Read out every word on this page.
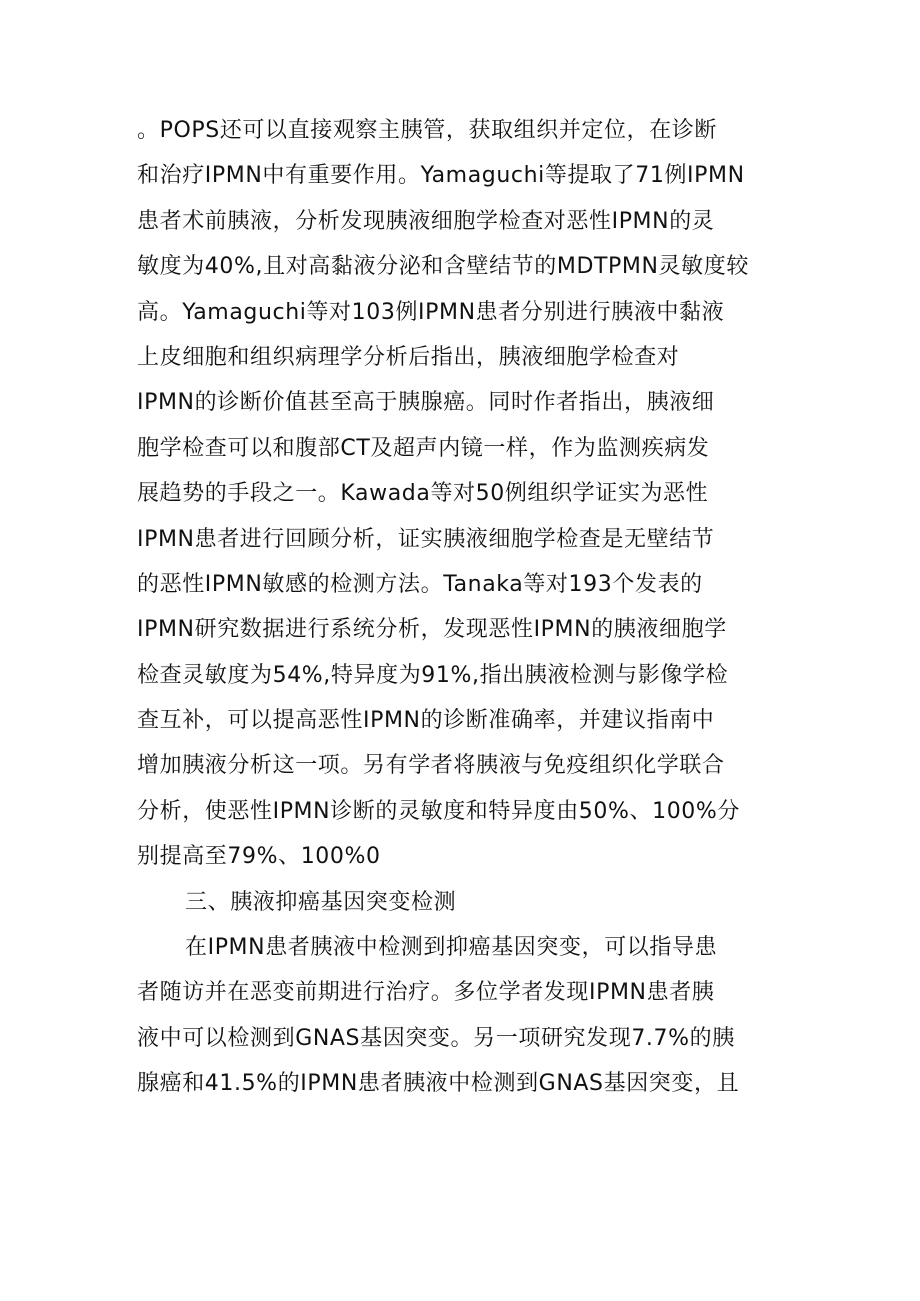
。POPS还可以直接观察主胰管，获取组织并定位，在诊断
和治疗IPMN中有重要作用。Yamaguchi等提取了71例IPMN
患者术前胰液，分析发现胰液细胞学检查对恶性IPMN的灵
敏度为40%,且对高黏液分泌和含壁结节的MDTPMN灵敏度较
高。Yamaguchi等对103例IPMN患者分别进行胰液中黏液
上皮细胞和组织病理学分析后指出，胰液细胞学检查对
IPMN的诊断价值甚至高于胰腺癌。同时作者指出，胰液细
胞学检查可以和腹部CT及超声内镜一样，作为监测疾病发
展趋势的手段之一。Kawada等对50例组织学证实为恶性
IPMN患者进行回顾分析，证实胰液细胞学检查是无壁结节
的恶性IPMN敏感的检测方法。Tanaka等对193个发表的
IPMN研究数据进行系统分析，发现恶性IPMN的胰液细胞学
检查灵敏度为54%,特异度为91%,指出胰液检测与影像学检
查互补，可以提高恶性IPMN的诊断准确率，并建议指南中
增加胰液分析这一项。另有学者将胰液与免疫组织化学联合
分析，使恶性IPMN诊断的灵敏度和特异度由50%、100%分
别提高至79%、100%0
三、胰液抑癌基因突变检测
在IPMN患者胰液中检测到抑癌基因突变，可以指导患
者随访并在恶变前期进行治疗。多位学者发现IPMN患者胰
液中可以检测到GNAS基因突变。另一项研究发现7.7%的胰
腺癌和41.5%的IPMN患者胰液中检测到GNAS基因突变，且
